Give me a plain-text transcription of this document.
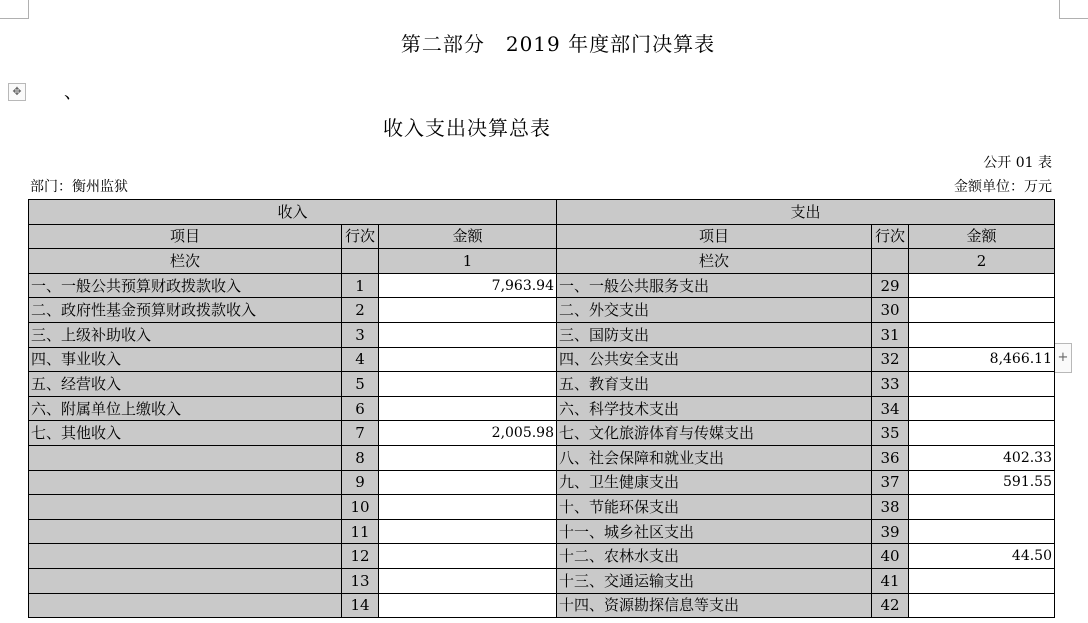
第二部分　2019 年度部门决算表
✥ 、
收入支出决算总表
公开 01 表
部门：衡州监狱	金额单位：万元
+
收入			支出		
项目	行次	金额	项目	行次	金额
栏次		1	栏次		2
一、一般公共预算财政拨款收入	1	7,963.94	一、一般公共服务支出	29	
二、政府性基金预算财政拨款收入	2		二、外交支出	30	
三、上级补助收入	3		三、国防支出	31	
四、事业收入	4		四、公共安全支出	32	8,466.11
五、经营收入	5		五、教育支出	33	
六、附属单位上缴收入	6		六、科学技术支出	34	
七、其他收入	7	2,005.98	七、文化旅游体育与传媒支出	35	
	8		八、社会保障和就业支出	36	402.33
	9		九、卫生健康支出	37	591.55
	10		十、节能环保支出	38	
	11		十一、城乡社区支出	39	
	12		十二、农林水支出	40	44.50
	13		十三、交通运输支出	41	
	14		十四、资源勘探信息等支出	42	
